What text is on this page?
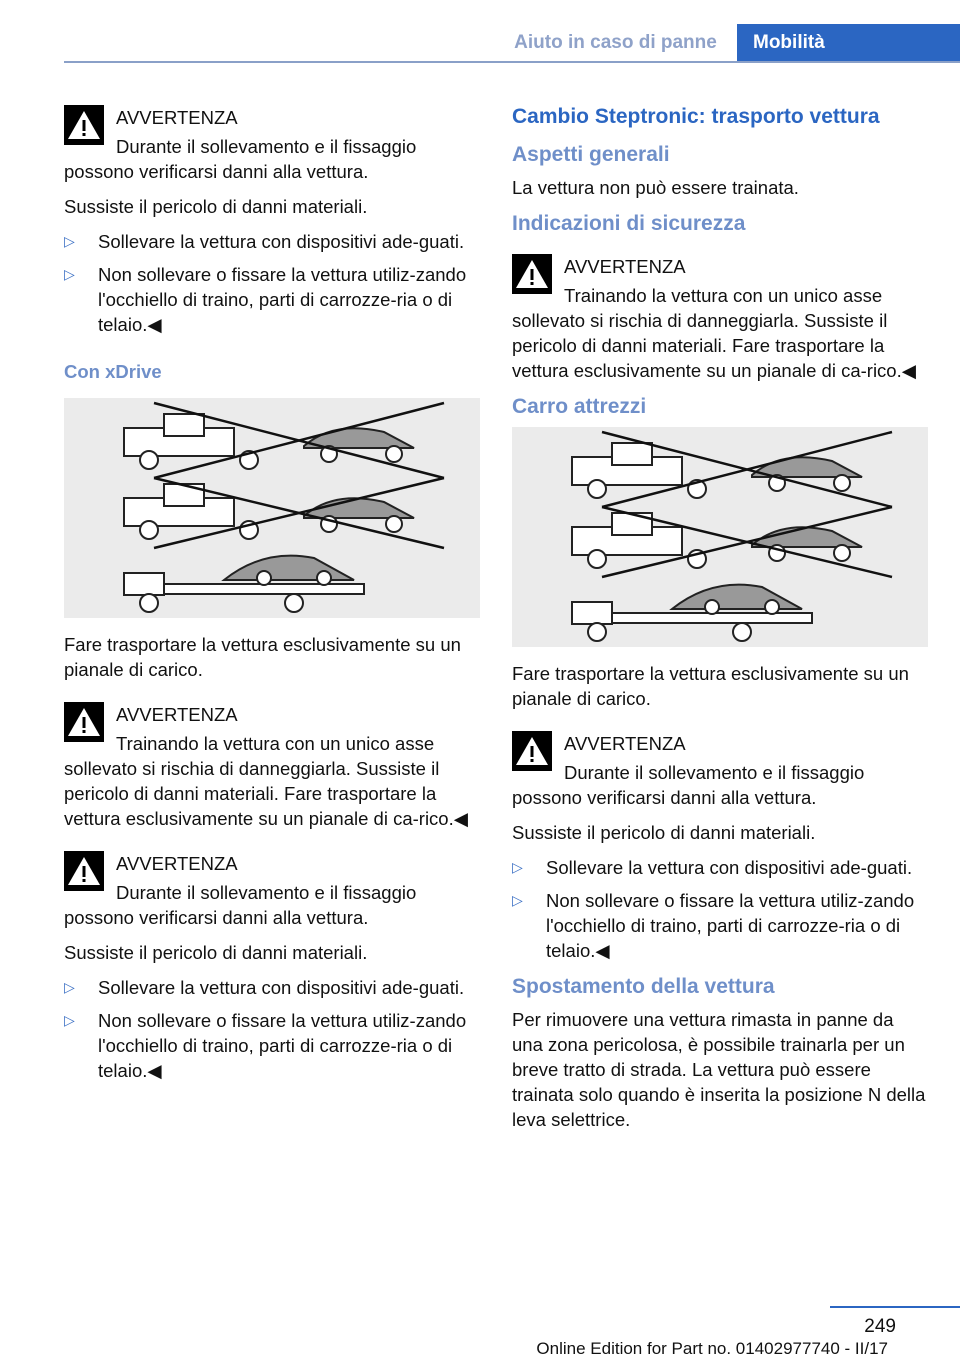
Aiuto in caso di panne	Mobilità
AVVERTENZA
Durante il sollevamento e il fissaggio
possono verificarsi danni alla vettura.

Sussiste il pericolo di danni materiali.

▷ Sollevare la vettura con dispositivi ade-guati.
▷ Non sollevare o fissare la vettura utiliz-zando l'occhiello di traino, parti di carrozze-ria o di telaio.◀
Con xDrive

Fare trasportare la vettura esclusivamente su un pianale di carico.

AVVERTENZA
Trainando la vettura con un unico asse
sollevato si rischia di danneggiarla. Sussiste il pericolo di danni materiali. Fare trasportare la vettura esclusivamente su un pianale di ca-rico.◀
AVVERTENZA
Durante il sollevamento e il fissaggio
possono verificarsi danni alla vettura.

Sussiste il pericolo di danni materiali.

▷ Sollevare la vettura con dispositivi ade-guati.
▷ Non sollevare o fissare la vettura utiliz-zando l'occhiello di traino, parti di carrozze-ria o di telaio.◀
Cambio Steptronic: trasporto vettura
Aspetti generali

La vettura non può essere trainata.

Indicazioni di sicurezza
AVVERTENZA
Trainando la vettura con un unico asse
sollevato si rischia di danneggiarla. Sussiste il pericolo di danni materiali. Fare trasportare la vettura esclusivamente su un pianale di ca-rico.◀
Carro attrezzi

Fare trasportare la vettura esclusivamente su un pianale di carico.

AVVERTENZA
Durante il sollevamento e il fissaggio
possono verificarsi danni alla vettura.

Sussiste il pericolo di danni materiali.

▷ Sollevare la vettura con dispositivi ade-guati.
▷ Non sollevare o fissare la vettura utiliz-zando l'occhiello di traino, parti di carrozze-ria o di telaio.◀
Spostamento della vettura

Per rimuovere una vettura rimasta in panne da una zona pericolosa, è possibile trainarla per un breve tratto di strada. La vettura può essere trainata solo quando è inserita la posizione N della leva selettrice.

249
Online Edition for Part no. 01402977740 - II/17
